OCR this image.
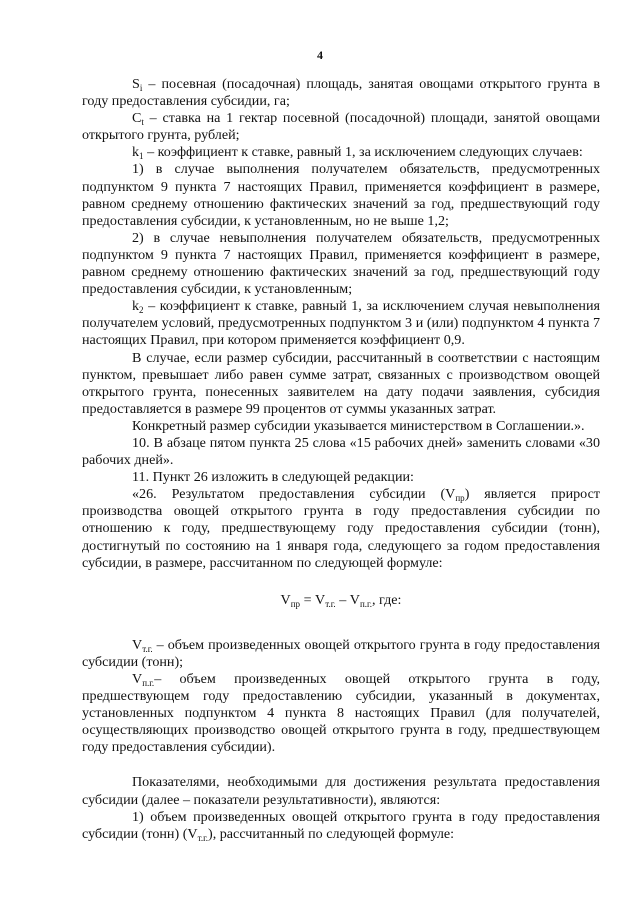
4

$S_i$ – посевная (посадочная) площадь, занятая овощами открытого грунта в году предоставления субсидии, га;

$C_t$ – ставка на 1 гектар посевной (посадочной) площади, занятой овощами открытого грунта, рублей;

$k_1$ – коэффициент к ставке, равный 1, за исключением следующих случаев:

1) в случае выполнения получателем обязательств, предусмотренных подпунктом 9 пункта 7 настоящих Правил, применяется коэффициент в размере, равном среднему отношению фактических значений за год, предшествующий году предоставления субсидии, к установленным, но не выше 1,2;

2) в случае невыполнения получателем обязательств, предусмотренных подпунктом 9 пункта 7 настоящих Правил, применяется коэффициент в размере, равном среднему отношению фактических значений за год, предшествующий году предоставления субсидии, к установленным;

$k_2$ – коэффициент к ставке, равный 1, за исключением случая невыполнения получателем условий, предусмотренных подпунктом 3 и (или) подпунктом 4 пункта 7 настоящих Правил, при котором применяется коэффициент 0,9.

В случае, если размер субсидии, рассчитанный в соответствии с настоящим пунктом, превышает либо равен сумме затрат, связанных с производством овощей открытого грунта, понесенных заявителем на дату подачи заявления, субсидия предоставляется в размере 99 процентов от суммы указанных затрат.

Конкретный размер субсидии указывается министерством в Соглашении.».

10. В абзаце пятом пункта 25 слова «15 рабочих дней» заменить словами «30 рабочих дней».

11. Пункт 26 изложить в следующей редакции:

«26. Результатом предоставления субсидии $(V_{пр})$ является прирост производства овощей открытого грунта в году предоставления субсидии по отношению к году, предшествующему году предоставления субсидии (тонн), достигнутый по состоянию на 1 января года, следующего за годом предоставления субсидии, в размере, рассчитанном по следующей формуле:

$V_{пр} = V_{т.г.} - V_{п.г.}$, где:

$V_{т.г.}$ – объем произведенных овощей открытого грунта в году предоставления субсидии (тонн);

$V_{п.г.}-$ объем произведенных овощей открытого грунта в году, предшествующем году предоставлению субсидии, указанный в документах, установленных подпунктом 4 пункта 8 настоящих Правил (для получателей, осуществляющих производство овощей открытого грунта в году, предшествующем году предоставления субсидии).

Показателями, необходимыми для достижения результата предоставления субсидии (далее – показатели результативности), являются:

1) объем произведенных овощей открытого грунта в году предоставления субсидии (тонн) $(V_{т.г.})$, рассчитанный по следующей формуле:
